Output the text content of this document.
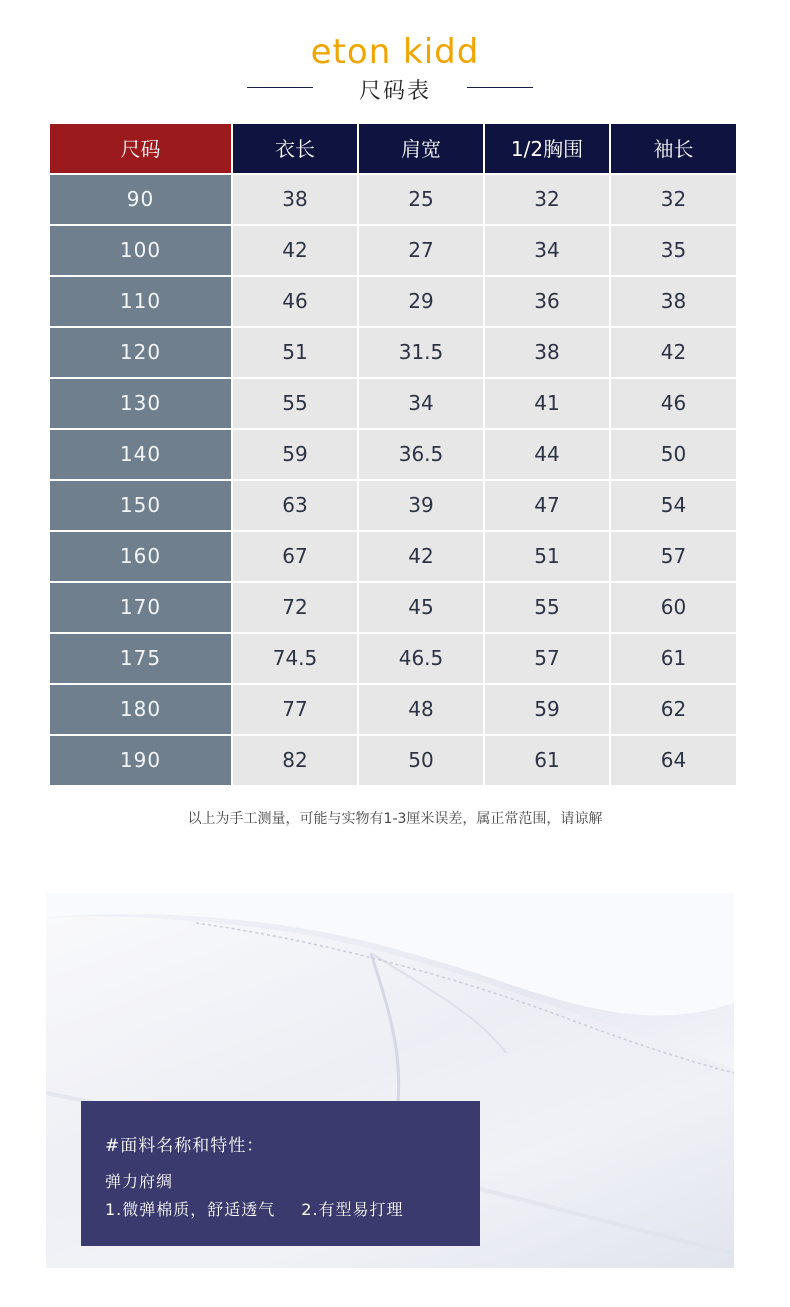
eton kidd
尺码表
尺码	衣长	肩宽	1/2胸围	袖长
90	38	25	32	32
100	42	27	34	35
110	46	29	36	38
120	51	31.5	38	42
130	55	34	41	46
140	59	36.5	44	50
150	63	39	47	54
160	67	42	51	57
170	72	45	55	60
175	74.5	46.5	57	61
180	77	48	59	62
190	82	50	61	64
以上为手工测量，可能与实物有1-3厘米误差，属正常范围，请谅解
#面料名称和特性：
弹力府绸
1.微弹棉质，舒适透气 2.有型易打理
